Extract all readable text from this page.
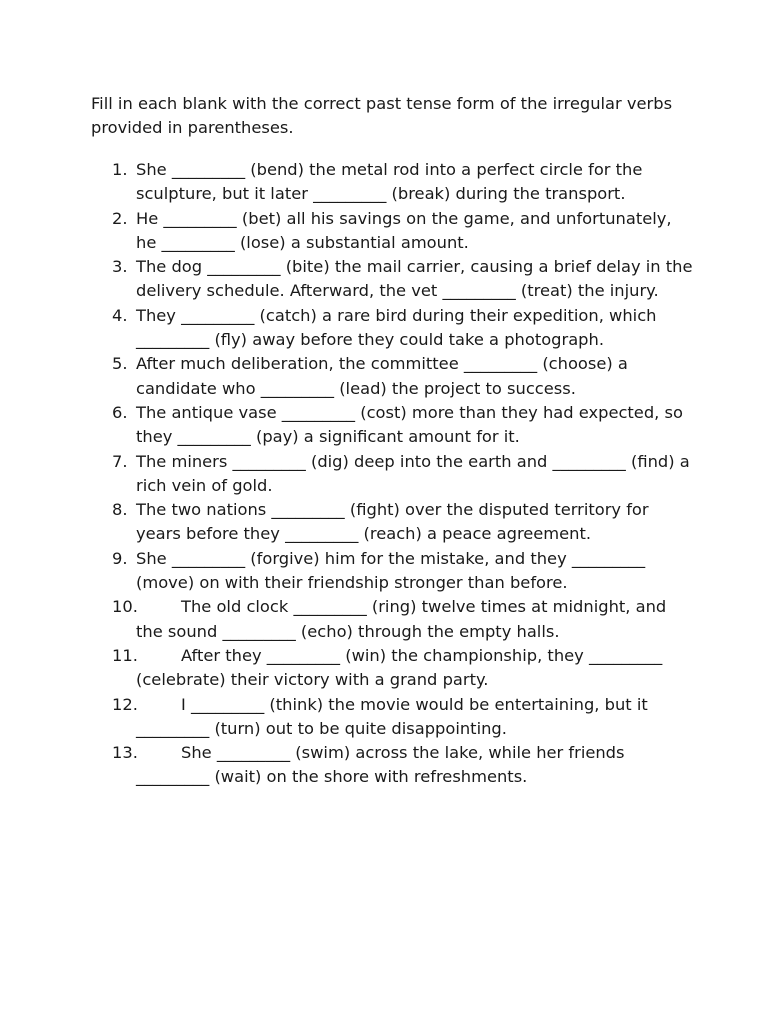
Fill in each blank with the correct past tense form of the irregular verbs provided in parentheses.

1. She _________ (bend) the metal rod into a perfect circle for the sculpture, but it later _________ (break) during the transport.
2. He _________ (bet) all his savings on the game, and unfortunately, he _________ (lose) a substantial amount.
3. The dog _________ (bite) the mail carrier, causing a brief delay in the delivery schedule. Afterward, the vet _________ (treat) the injury.
4. They _________ (catch) a rare bird during their expedition, which _________ (fly) away before they could take a photograph.
5. After much deliberation, the committee _________ (choose) a candidate who _________ (lead) the project to success.
6. The antique vase _________ (cost) more than they had expected, so they _________ (pay) a significant amount for it.
7. The miners _________ (dig) deep into the earth and _________ (find) a rich vein of gold.
8. The two nations _________ (fight) over the disputed territory for years before they _________ (reach) a peace agreement.
9. She _________ (forgive) him for the mistake, and they _________ (move) on with their friendship stronger than before.
10.	The old clock _________ (ring) twelve times at midnight, and the sound _________ (echo) through the empty halls.
11.	After they _________ (win) the championship, they _________ (celebrate) their victory with a grand party.
12.	I _________ (think) the movie would be entertaining, but it _________ (turn) out to be quite disappointing.
13.	She _________ (swim) across the lake, while her friends _________ (wait) on the shore with refreshments.
